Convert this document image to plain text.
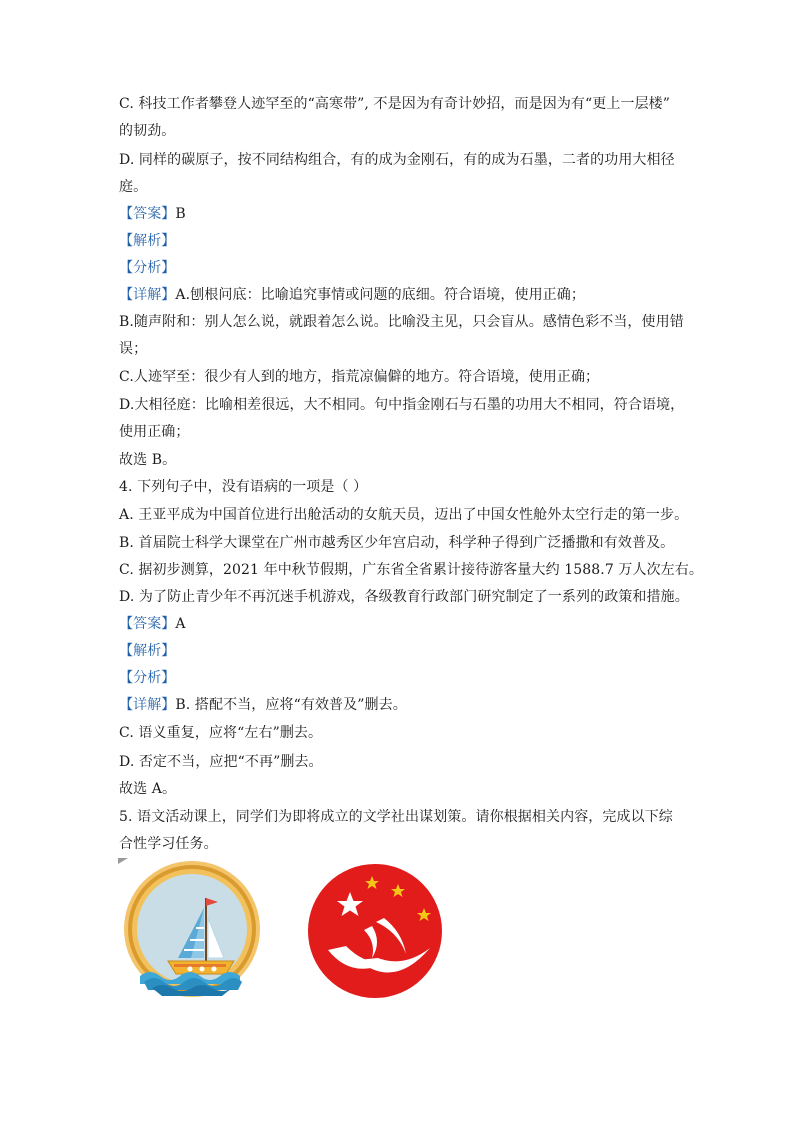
C. 科技工作者攀登人迹罕至的“高寒带”, 不是因为有奇计妙招，而是因为有“更上一层楼”
的韧劲。
D. 同样的碳原子，按不同结构组合，有的成为金刚石，有的成为石墨，二者的功用大相径
庭。
【答案】B
【解析】
【分析】
【详解】A.刨根问底：比喻追究事情或问题的底细。符合语境，使用正确；
B.随声附和：别人怎么说，就跟着怎么说。比喻没主见，只会盲从。感情色彩不当，使用错
误；
C.人迹罕至：很少有人到的地方，指荒凉偏僻的地方。符合语境，使用正确；
D.大相径庭：比喻相差很远，大不相同。句中指金刚石与石墨的功用大不相同，符合语境，
使用正确；
故选 B。
4. 下列句子中，没有语病的一项是（ ）
A. 王亚平成为中国首位进行出舱活动的女航天员，迈出了中国女性舱外太空行走的第一步。
B. 首届院士科学大课堂在广州市越秀区少年宫启动，科学种子得到广泛播撒和有效普及。
C. 据初步测算，2021 年中秋节假期，广东省全省累计接待游客量大约 1588.7 万人次左右。
D. 为了防止青少年不再沉迷手机游戏，各级教育行政部门研究制定了一系列的政策和措施。
【答案】A
【解析】
【分析】
【详解】B. 搭配不当，应将“有效普及”删去。
C. 语义重复，应将“左右”删去。
D. 否定不当，应把“不再”删去。
故选 A。
5. 语文活动课上，同学们为即将成立的文学社出谋划策。请你根据相关内容，完成以下综
合性学习任务。
